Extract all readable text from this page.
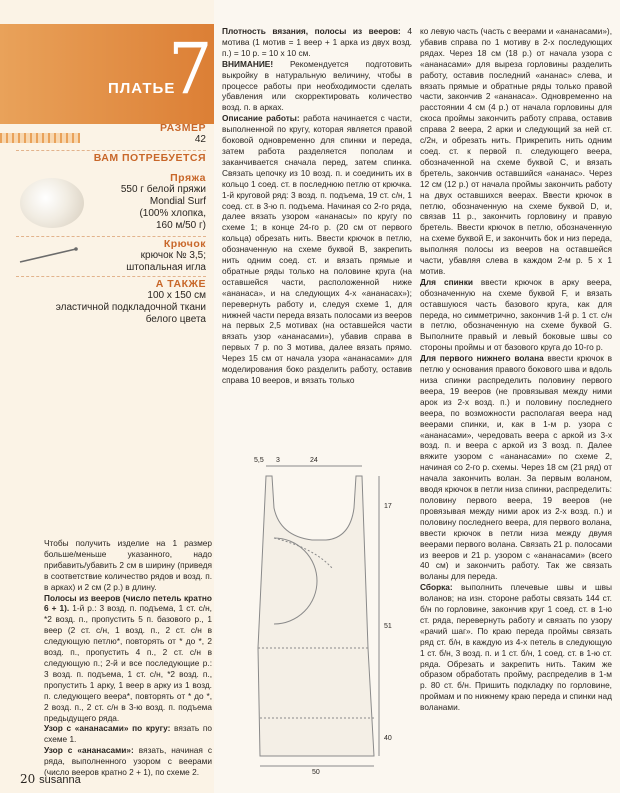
ПЛАТЬЕ
7
РАЗМЕР
42
ВАМ ПОТРЕБУЕТСЯ
Пряжа
550 г белой пряжи
Mondial Surf
(100% хлопка,
160 м/50 г)
Крючок
крючок № 3,5;
штопальная игла
А ТАКЖЕ
100 х 150 см
эластичной подкладочной ткани
белого цвета

Плотность вязания, полосы из вееров: 4 мотива (1 мотив = 1 веер + 1 арка из двух возд. п.) = 10 р. = 10 х 10 см.

ВНИМАНИЕ! Рекомендуется подготовить выкройку в натуральную величину, чтобы в процессе работы при необходимости сделать убавления или скорректировать количество возд. п. в арках.

Описание работы: работа начинается с части, выполненной по кругу, которая является правой боковой одновременно для спинки и переда, затем работа разделяется пополам и заканчивается сначала перед, затем спинка. Связать цепочку из 10 возд. п. и соединить их в кольцо 1 соед. ст. в последнюю петлю от крючка. 1-й круговой ряд: 3 возд. п. подъема, 19 ст. с/н, 1 соед. ст. в 3-ю п. подъема. Начиная со 2-го ряда, далее вязать узором «ананасы» по кругу по схеме 1; в конце 24-го р. (20 см от первого кольца) обрезать нить. Ввести крючок в петлю, обозначенную на схеме буквой В, закрепить нить одним соед. ст. и вязать прямые и обратные ряды только на половине круга (на оставшейся части, расположенной ниже «ананаса», и на следующих 4-х «ананасах»); перевернуть работу и, следуя схеме 1, для нижней части переда вязать полосами из вееров на первых 2,5 мотивах (на оставшейся части вязать узор «ананасами»), убавив справа в первых 7 р. по 3 мотива, далее вязать прямо. Через 15 см от начала узора «ананасами» для моделирования боко разделить работу, оставив справа 10 вееров, и вязать только

ко левую часть (часть с веерами и «ананасами»), убавив справа по 1 мотиву в 2-х последующих рядах. Через 18 см (18 р.) от начала узора с «ананасами» для выреза горловины разделить работу, оставив последний «ананас» слева, и вязать прямые и обратные ряды только правой части, закончив 2 «ананаса». Одновременно на расстоянии 4 см (4 р.) от начала горловины для скоса проймы закончить работу справа, оставив справа 2 веера, 2 арки и следующий за ней ст. с/2н, и обрезать нить. Прикрепить нить одним соед. ст. к первой п. следующего веера, обозначенной на схеме буквой С, и вязать бретель, закончив оставшийся «ананас». Через 12 см (12 р.) от начала проймы закончить работу на двух оставшихся веерах. Ввести крючок в петлю, обозначенную на схеме буквой D, и, связав 11 р., закончить горловину и правую бретель. Ввести крючок в петлю, обозначенную на схеме буквой Е, и закончить бок и низ переда, выполняя полосы из вееров на оставшейся части, убавляя слева в каждом 2-м р. 5 х 1 мотив.

Для спинки ввести крючок в арку веера, обозначенную на схеме буквой F, и вязать оставшуюся часть базового круга, как для переда, но симметрично, закончив 1-й р. 1 ст. с/н в петлю, обозначенную на схеме буквой G. Выполните правый и левый боковые швы со стороны проймы и от базового круга до 10-го р.

Для первого нижнего волана ввести крючок в петлю у основания правого бокового шва и вдоль низа спинки распределить половину первого веера, 19 вееров (не провязывая между ними арок из 2-х возд. п.) и половину последнего веера, по возможности располагая веера над веерами спинки, и, как в 1-м р. узора с «ананасами», чередовать веера с аркой из 3-х возд. п. и веера с аркой из 3 возд. п. Далее вяжите узором с «ананасами» по схеме 2, начиная со 2-го р. схемы. Через 18 см (21 ряд) от начала закончить волан. За первым воланом, вводя крючок в петли низа спинки, распределить: половину первого веера, 19 вееров (не провязывая между ними арок из 2-х возд. п.) и половину последнего веера, для первого волана, ввести крючок в петли низа между двумя веерами первого волана. Связать 21 р. полосами из вееров и 21 р. узором с «ананасами» (всего 40 см) и закончить работу. Так же связать воланы для переда.

Сборка: выполнить плечевые швы и швы воланов; на изн. стороне работы связать 144 ст. б/н по горловине, закончив круг 1 соед. ст. в 1-ю ст. ряда, перевернуть работу и связать по узору «рачий шаг». По краю переда проймы связать ряд ст. б/н, в каждую из 4-х петель в следующую 1 ст. б/н, 3 возд. п. и 1 ст. б/н, 1 соед. ст. в 1-ю ст. ряда. Обрезать и закрепить нить. Таким же образом обработать пройму, распределив в 1-м р. 80 ст. б/н. Пришить подкладку по горловине, проймам и по нижнему краю переда и спинки над воланами.

Чтобы получить изделие на 1 размер больше/меньше указанного, надо прибавить/убавить 2 см в ширину (приведя в соответствие количество рядов и возд. п. в арках) и 2 см (2 р.) в длину.

Полосы из вееров (число петель кратно 6 + 1). 1-й р.: 3 возд. п. подъема, 1 ст. с/н, *2 возд. п., пропустить 5 п. базового р., 1 веер (2 ст. с/н, 1 возд. п., 2 ст. с/н в следующую петлю*, повторять от * до *, 2 возд. п., пропустить 4 п., 2 ст. с/н в следующую п.; 2-й и все последующие р.: 3 возд. п. подъема, 1 ст. с/н, *2 возд. п., пропустить 1 арку, 1 веер в арку из 1 возд. п. следующего веера*, повторять от * до *, 2 возд. п., 2 ст. с/н в 3-ю возд. п. подъема предыдущего ряда.

Узор с «ананасами» по кругу: вязать по схеме 1.

Узор с «ананасами»: вязать, начиная с ряда, выполненного узором с веерами (число вееров кратно 2 + 1), по схеме 2.

5,5 3	24
17
51
40
50
20 susanna
